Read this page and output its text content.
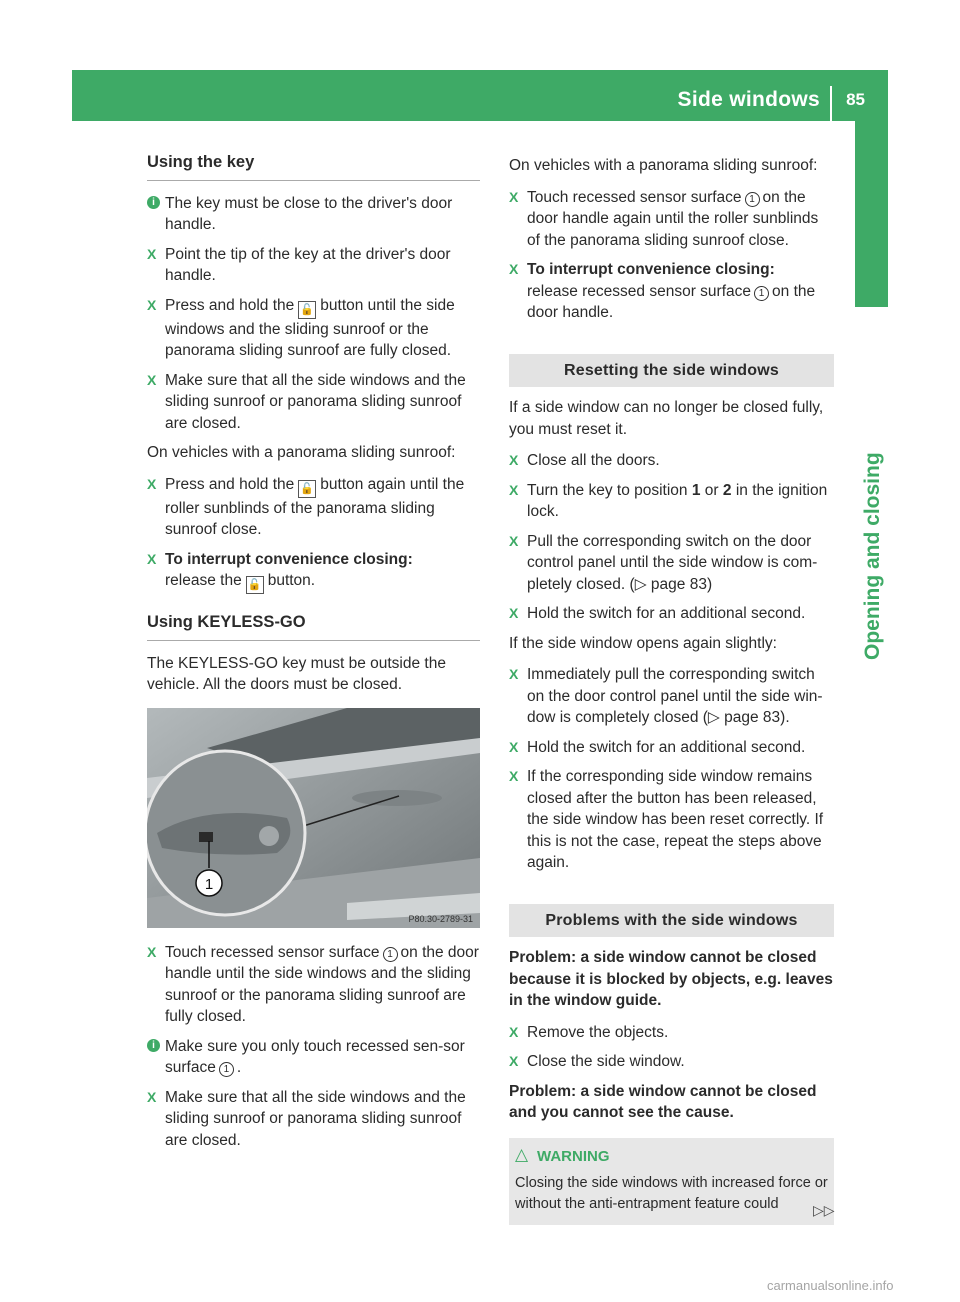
Side windows 85
Opening and closing
Using the key
i The key must be close to the driver's door handle.
X Point the tip of the key at the driver's door handle.
X Press and hold the 🔓 button until the side windows and the sliding sunroof or the panorama sliding sunroof are fully closed.
X Make sure that all the side windows and the sliding sunroof or panorama sliding sunroof are closed.
On vehicles with a panorama sliding sunroof:
X Press and hold the 🔓 button again until the roller sunblinds of the panorama sliding sunroof close.
X To interrupt convenience closing:
release the 🔓 button.
Using KEYLESS-GO
The KEYLESS-GO key must be outside the vehicle. All the doors must be closed.
1
P80.30-2789-31
X Touch recessed sensor surface 1 on the door handle until the side windows and the sliding sunroof or the panorama sliding sunroof are fully closed.
i Make sure you only touch recessed sen-sor surface 1 .
X Make sure that all the side windows and the sliding sunroof or panorama sliding sunroof are closed.
On vehicles with a panorama sliding sunroof:
X Touch recessed sensor surface 1 on the door handle again until the roller sunblinds of the panorama sliding sunroof close.
X To interrupt convenience closing:
release recessed sensor surface 1 on the door handle.
Resetting the side windows
If a side window can no longer be closed fully, you must reset it.
X Close all the doors.
X Turn the key to position 1 or 2 in the ignition lock.
X Pull the corresponding switch on the door control panel until the side window is com-pletely closed. (▷ page 83)
X Hold the switch for an additional second.
If the side window opens again slightly:
X Immediately pull the corresponding switch on the door control panel until the side win-dow is completely closed (▷ page 83).
X Hold the switch for an additional second.
X If the corresponding side window remains closed after the button has been released, the side window has been reset correctly. If this is not the case, repeat the steps above again.
Problems with the side windows
Problem: a side window cannot be closed because it is blocked by objects, e.g. leaves in the window guide.
X Remove the objects.
X Close the side window.
Problem: a side window cannot be closed and you cannot see the cause.
△ WARNING
Closing the side windows with increased force or without the anti-entrapment feature could	▷▷
carmanualsonline.info
